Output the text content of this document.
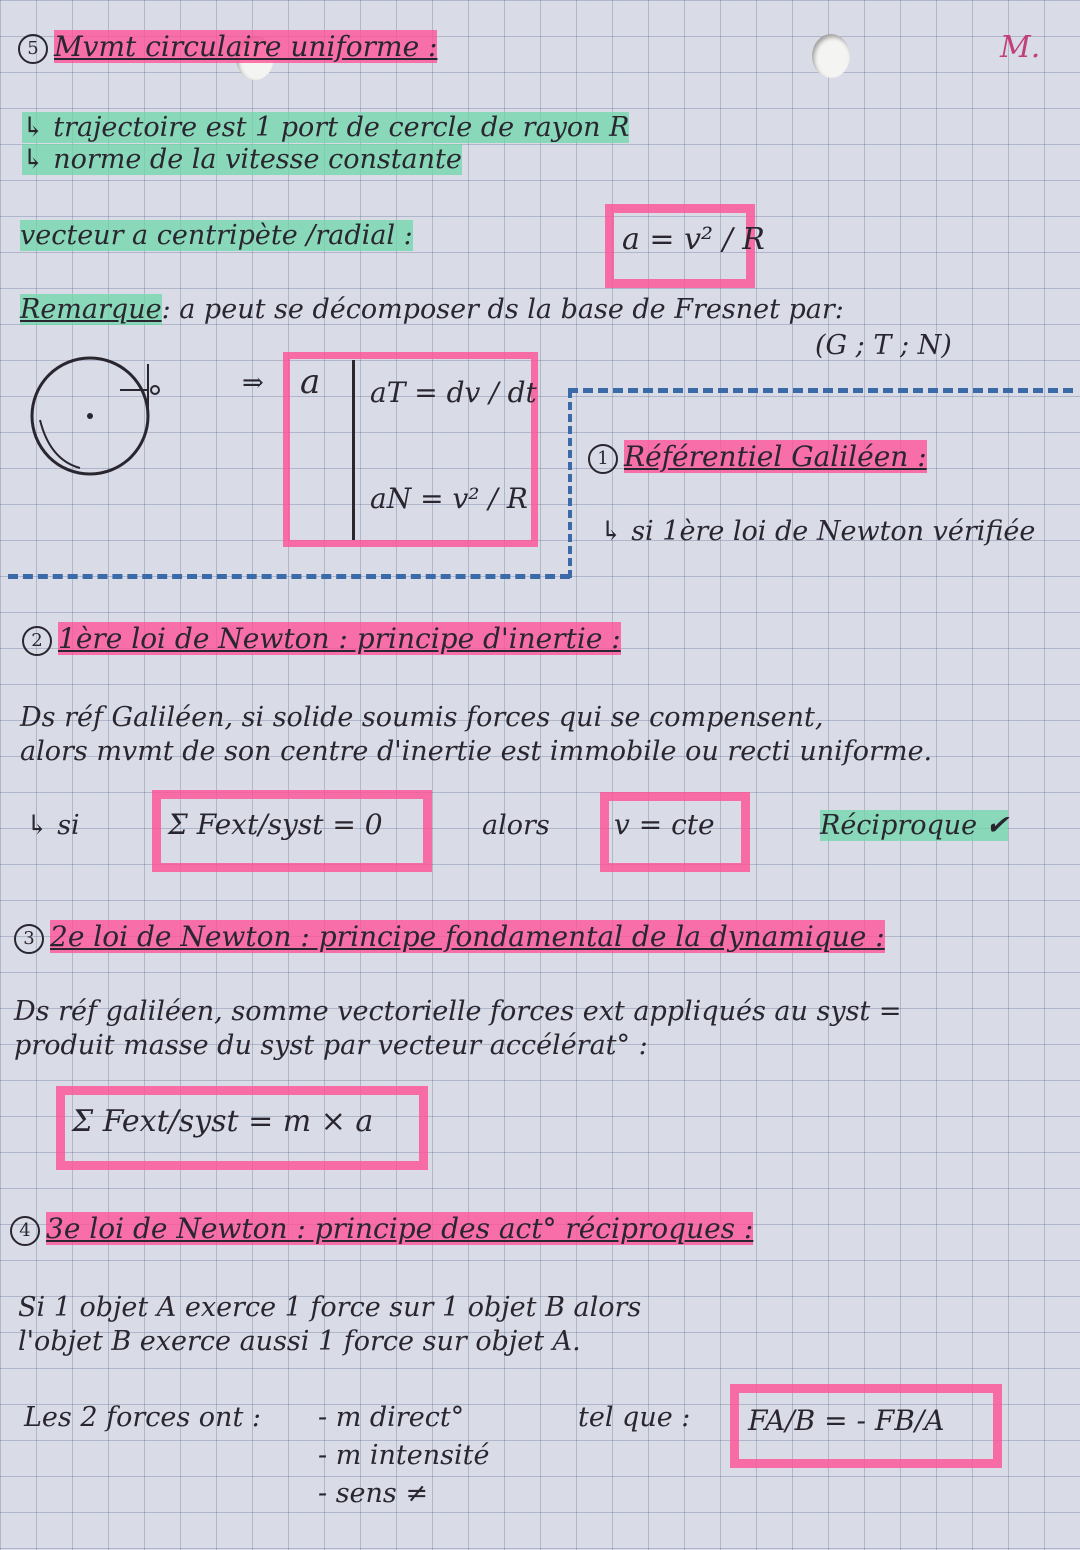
M.
5 Mvmt circulaire uniforme :
↳ trajectoire est 1 port de cercle de rayon R
↳ norme de la vitesse constante
vecteur a centripète /radial :	a = v² / R
Remarque: a peut se décomposer ds la base de Fresnet par:
(G ; T ; N)
⇒ a aT = dv / dt
aN = v² / R
1 Référentiel Galiléen :
↳ si 1ère loi de Newton vérifiée
2 1ère loi de Newton : principe d'inertie :
Ds réf Galiléen, si solide soumis forces qui se compensent,
alors mvmt de son centre d'inertie est immobile ou recti uniforme.
↳ si	Σ Fext/syst = 0	alors v = cte	Réciproque ✔
3 2e loi de Newton : principe fondamental de la dynamique :
Ds réf galiléen, somme vectorielle forces ext appliqués au syst =
produit masse du syst par vecteur accélérat° :
Σ Fext/syst = m × a
4 3e loi de Newton : principe des act° réciproques :
Si 1 objet A exerce 1 force sur 1 objet B alors
l'objet B exerce aussi 1 force sur objet A.
Les 2 forces ont : - m direct°
- m intensité
- sens ≠
tel que : FA/B = - FB/A
